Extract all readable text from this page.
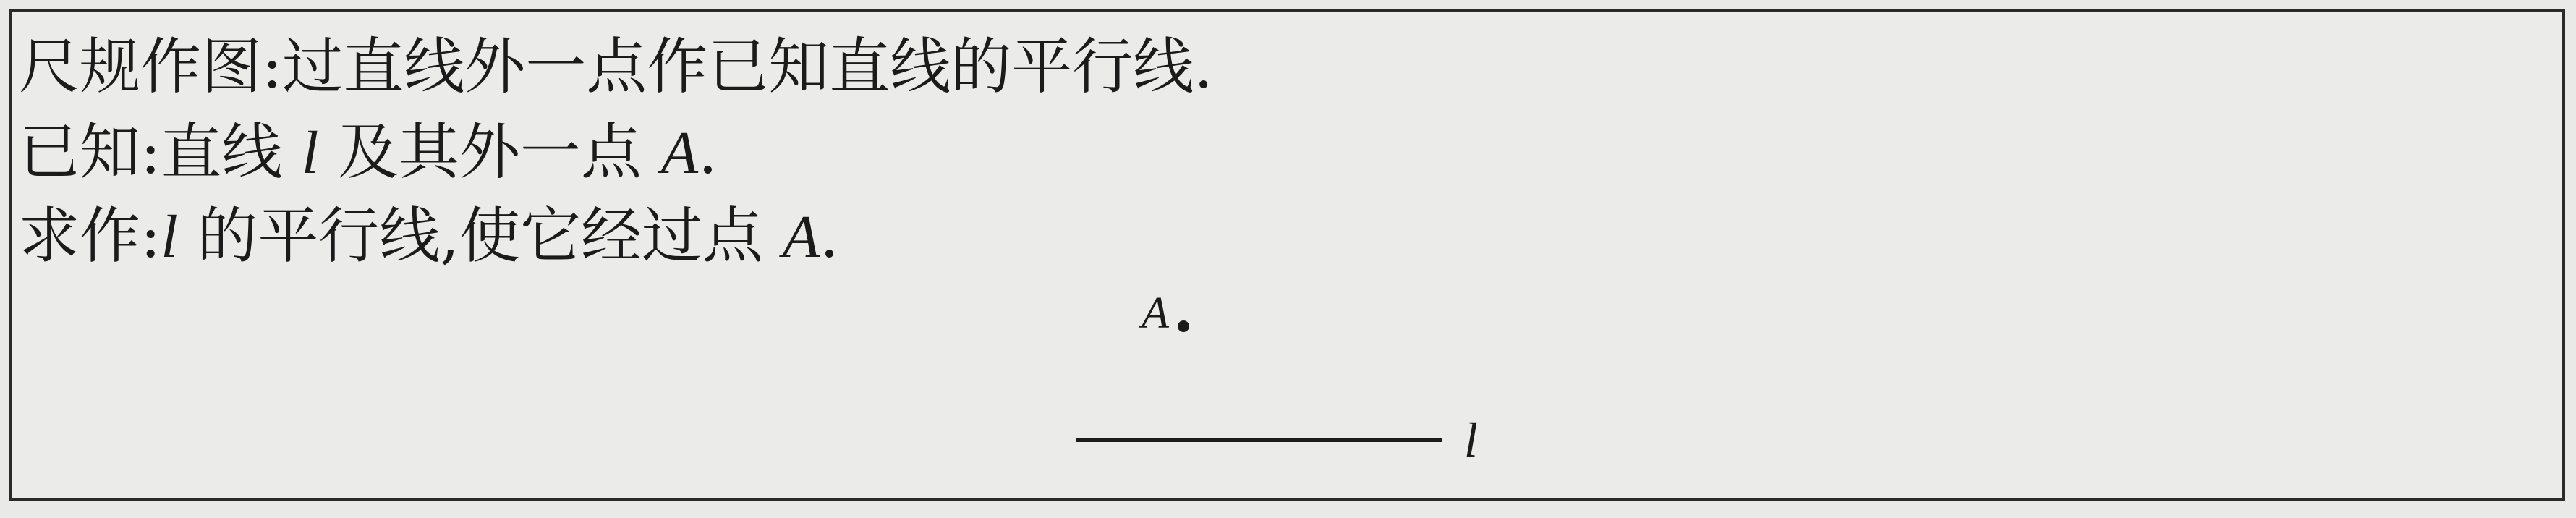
尺规作图:过直线外一点作已知直线的平行线.
已知:直线 l 及其外一点 A.
求作:l 的平行线,使它经过点 A.
A
l
